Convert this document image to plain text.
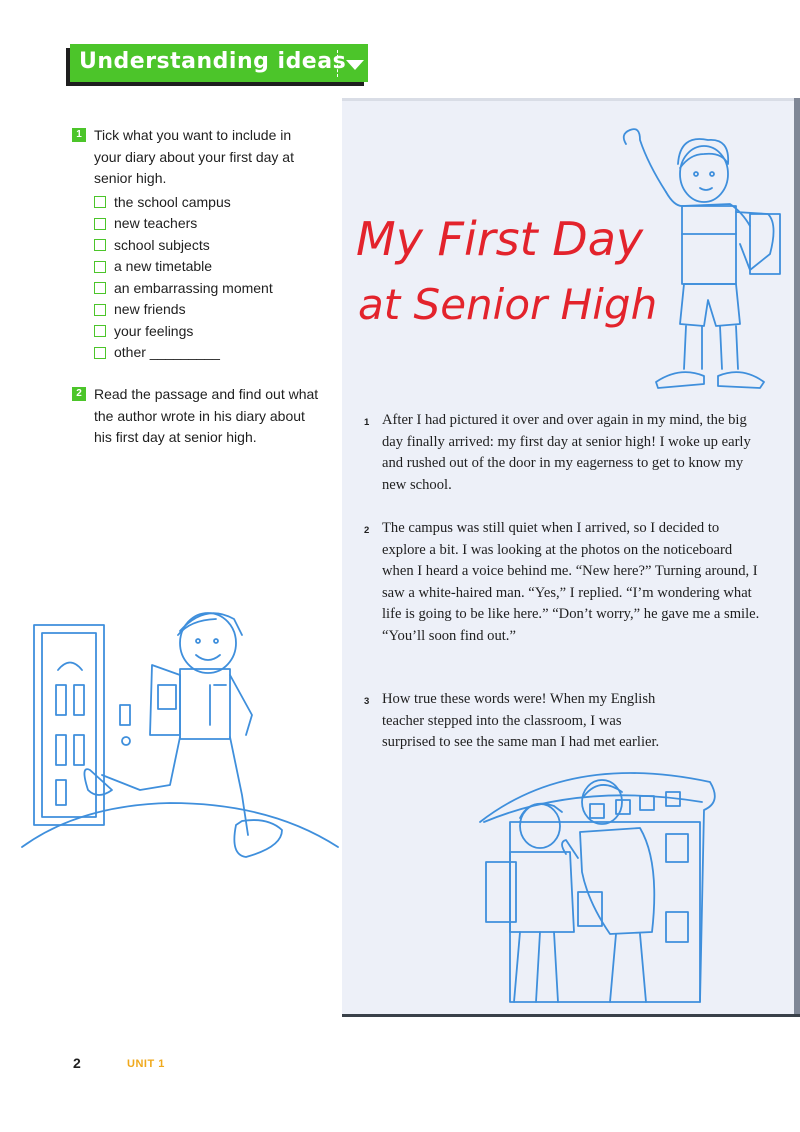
Understanding ideas
1 Tick what you want to include in your diary about your first day at senior high.
the school campus
new teachers
school subjects
a new timetable
an embarrassing moment
new friends
your feelings
other _________
2 Read the passage and find out what the author wrote in his diary about his first day at senior high.
My First Day
at Senior High
1 After I had pictured it over and over again in my mind, the big day finally arrived: my first day at senior high! I woke up early and rushed out of the door in my eagerness to get to know my new school.
2 The campus was still quiet when I arrived, so I decided to explore a bit. I was looking at the photos on the noticeboard when I heard a voice behind me. “New here?” Turning around, I saw a white-haired man. “Yes,” I replied. “I’m wondering what life is going to be like here.” “Don’t worry,” he gave me a smile. “You’ll soon find out.”
3 How true these words were! When my English teacher stepped into the classroom, I was surprised to see the same man I had met earlier.
2	UNIT 1
